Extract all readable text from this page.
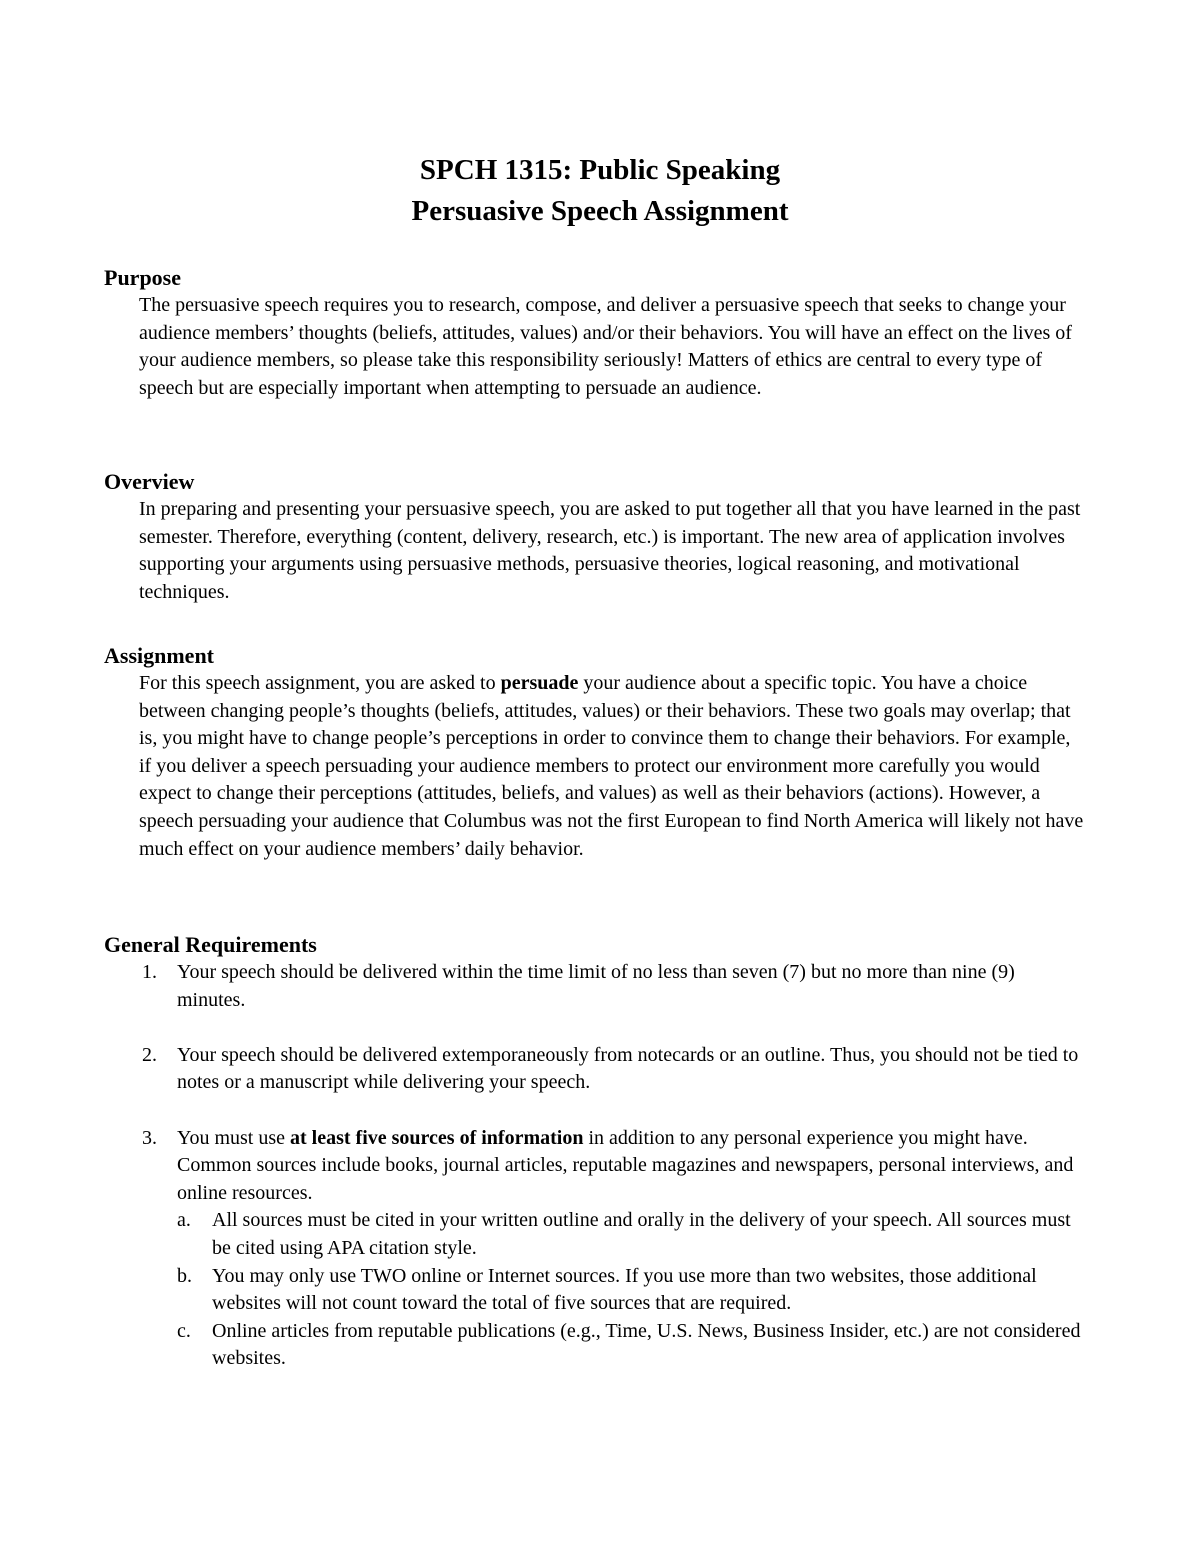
SPCH 1315: Public Speaking
Persuasive Speech Assignment
Purpose

The persuasive speech requires you to research, compose, and deliver a persuasive speech that seeks to change your audience members’ thoughts (beliefs, attitudes, values) and/or their behaviors. You will have an effect on the lives of your audience members, so please take this responsibility seriously! Matters of ethics are central to every type of speech but are especially important when attempting to persuade an audience.

Overview

In preparing and presenting your persuasive speech, you are asked to put together all that you have learned in the past semester. Therefore, everything (content, delivery, research, etc.) is important. The new area of application involves supporting your arguments using persuasive methods, persuasive theories, logical reasoning, and motivational techniques.

Assignment

For this speech assignment, you are asked to persuade your audience about a specific topic. You have a choice between changing people’s thoughts (beliefs, attitudes, values) or their behaviors. These two goals may overlap; that is, you might have to change people’s perceptions in order to convince them to change their behaviors. For example, if you deliver a speech persuading your audience members to protect our environment more carefully you would expect to change their perceptions (attitudes, beliefs, and values) as well as their behaviors (actions). However, a speech persuading your audience that Columbus was not the first European to find North America will likely not have much effect on your audience members’ daily behavior.

General Requirements
1. Your speech should be delivered within the time limit of no less than seven (7) but no more than nine (9) minutes.
2. Your speech should be delivered extemporaneously from notecards or an outline. Thus, you should not be tied to notes or a manuscript while delivering your speech.
3. You must use at least five sources of information in addition to any personal experience you might have. Common sources include books, journal articles, reputable magazines and newspapers, personal interviews, and online resources.
a. All sources must be cited in your written outline and orally in the delivery of your speech. All sources must be cited using APA citation style.
b. You may only use TWO online or Internet sources. If you use more than two websites, those additional websites will not count toward the total of five sources that are required.
c. Online articles from reputable publications (e.g., Time, U.S. News, Business Insider, etc.) are not considered websites.
